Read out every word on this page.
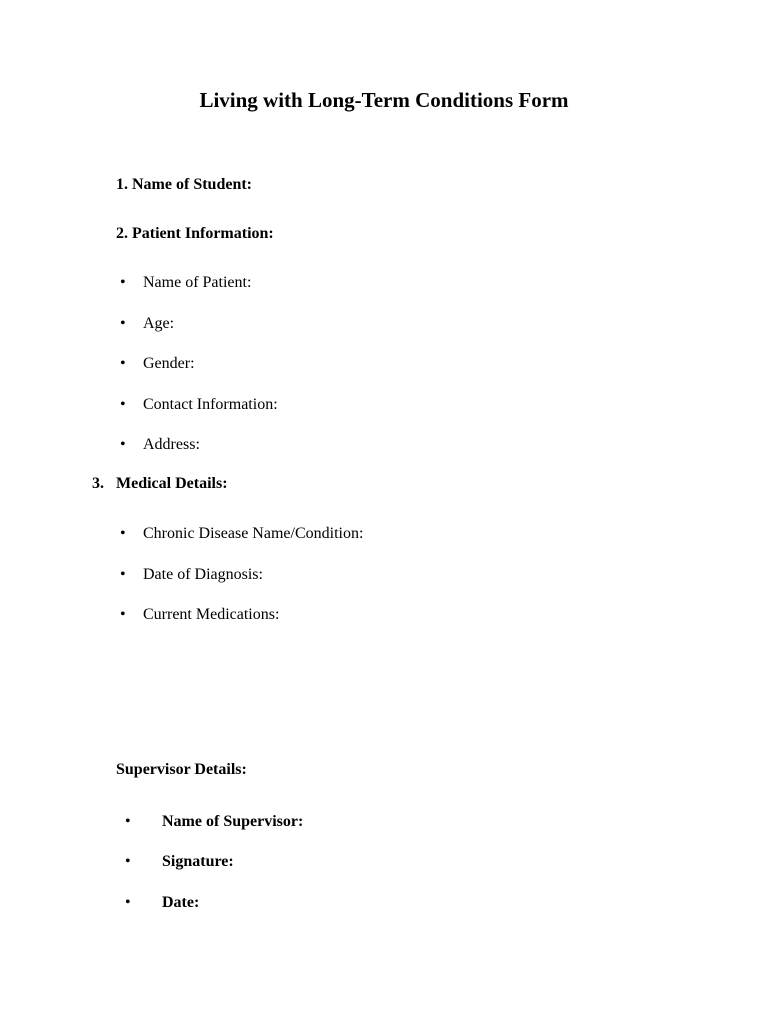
Living with Long-Term Conditions Form
1. Name of Student:
2. Patient Information:
• Name of Patient:
• Age:
• Gender:
• Contact Information:
• Address:
3. Medical Details:
• Chronic Disease Name/Condition:
• Date of Diagnosis:
• Current Medications:
Supervisor Details:
• Name of Supervisor:
• Signature:
• Date:
